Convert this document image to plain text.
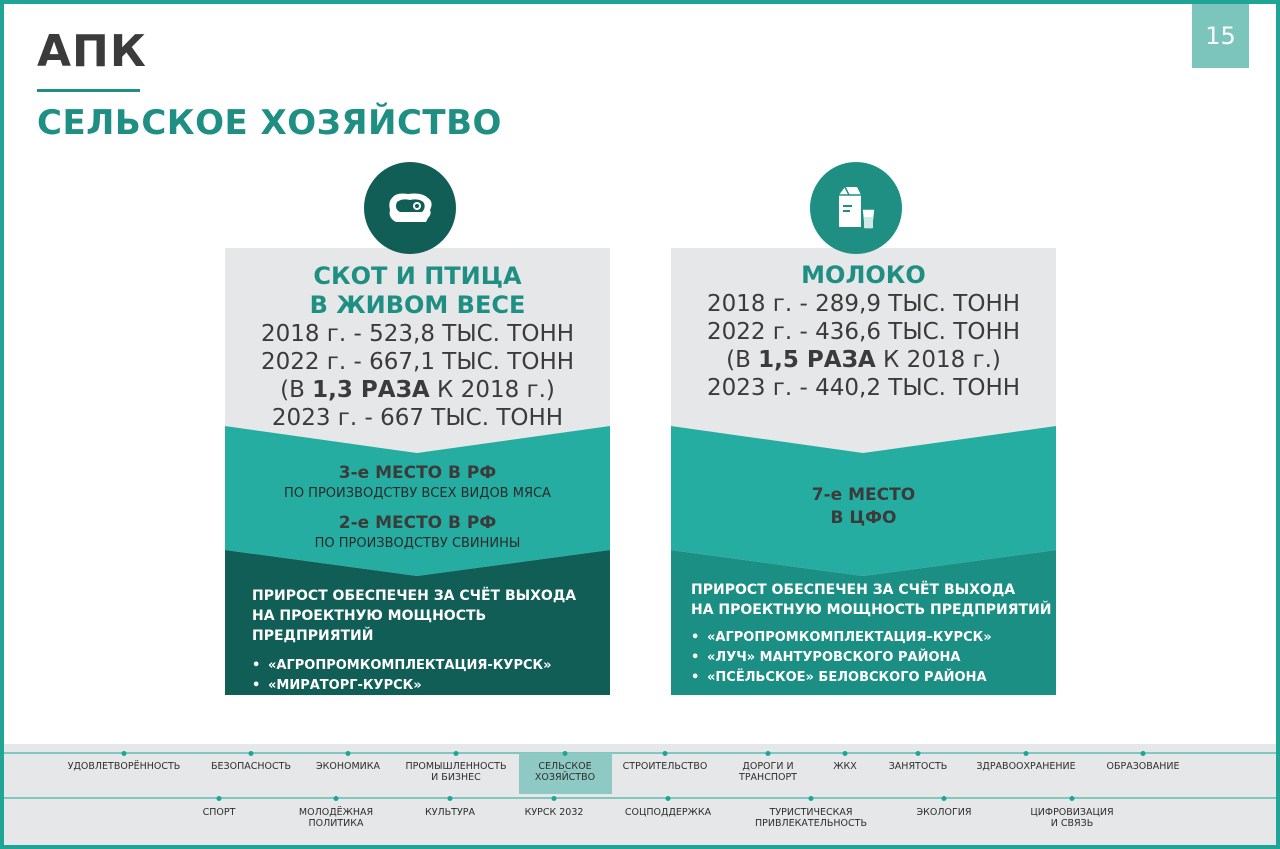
АПК
СЕЛЬСКОЕ ХОЗЯЙСТВО
15
СКОТ И ПТИЦА
В ЖИВОМ ВЕСЕ
2018 г. - 523,8 ТЫС. ТОНН
2022 г. - 667,1 ТЫС. ТОНН
(В 1,3 РАЗА К 2018 г.)
2023 г. - 667 ТЫС. ТОНН
3-е МЕСТО В РФ
ПО ПРОИЗВОДСТВУ ВСЕХ ВИДОВ МЯСА
2-е МЕСТО В РФ
ПО ПРОИЗВОДСТВУ СВИНИНЫ
ПРИРОСТ ОБЕСПЕЧЕН ЗА СЧЁТ ВЫХОДА
НА ПРОЕКТНУЮ МОЩНОСТЬ ПРЕДПРИЯТИЙ
• «АГРОПРОМКОМПЛЕКТАЦИЯ-КУРСК»
• «МИРАТОРГ-КУРСК»
МОЛОКО
2018 г. - 289,9 ТЫС. ТОНН
2022 г. - 436,6 ТЫС. ТОНН
(В 1,5 РАЗА К 2018 г.)
2023 г. - 440,2 ТЫС. ТОНН
7-е МЕСТО
В ЦФО
ПРИРОСТ ОБЕСПЕЧЕН ЗА СЧЁТ ВЫХОДА
НА ПРОЕКТНУЮ МОЩНОСТЬ ПРЕДПРИЯТИЙ
• «АГРОПРОМКОМПЛЕКТАЦИЯ–КУРСК»
• «ЛУЧ» МАНТУРОВСКОГО РАЙОНА
• «ПСЁЛЬСКОЕ» БЕЛОВСКОГО РАЙОНА
УДОВЛЕТВОРЁННОСТЬ	БЕЗОПАСНОСТЬ	ЭКОНОМИКА	ПРОМЫШЛЕННОСТЬ
И БИЗНЕС
СЕЛЬСКОЕ
ХОЗЯЙСТВО
СТРОИТЕЛЬСТВО	ДОРОГИ И
ТРАНСПОРТ
ЖКХ	ЗАНЯТОСТЬ	ЗДРАВООХРАНЕНИЕ	ОБРАЗОВАНИЕ
СПОРТ	МОЛОДЁЖНАЯ
ПОЛИТИКА
КУЛЬТУРА	КУРСК 2032	СОЦПОДДЕРЖКА	ТУРИСТИЧЕСКАЯ
ПРИВЛЕКАТЕЛЬНОСТЬ
ЭКОЛОГИЯ	ЦИФРОВИЗАЦИЯ
И СВЯЗЬ
